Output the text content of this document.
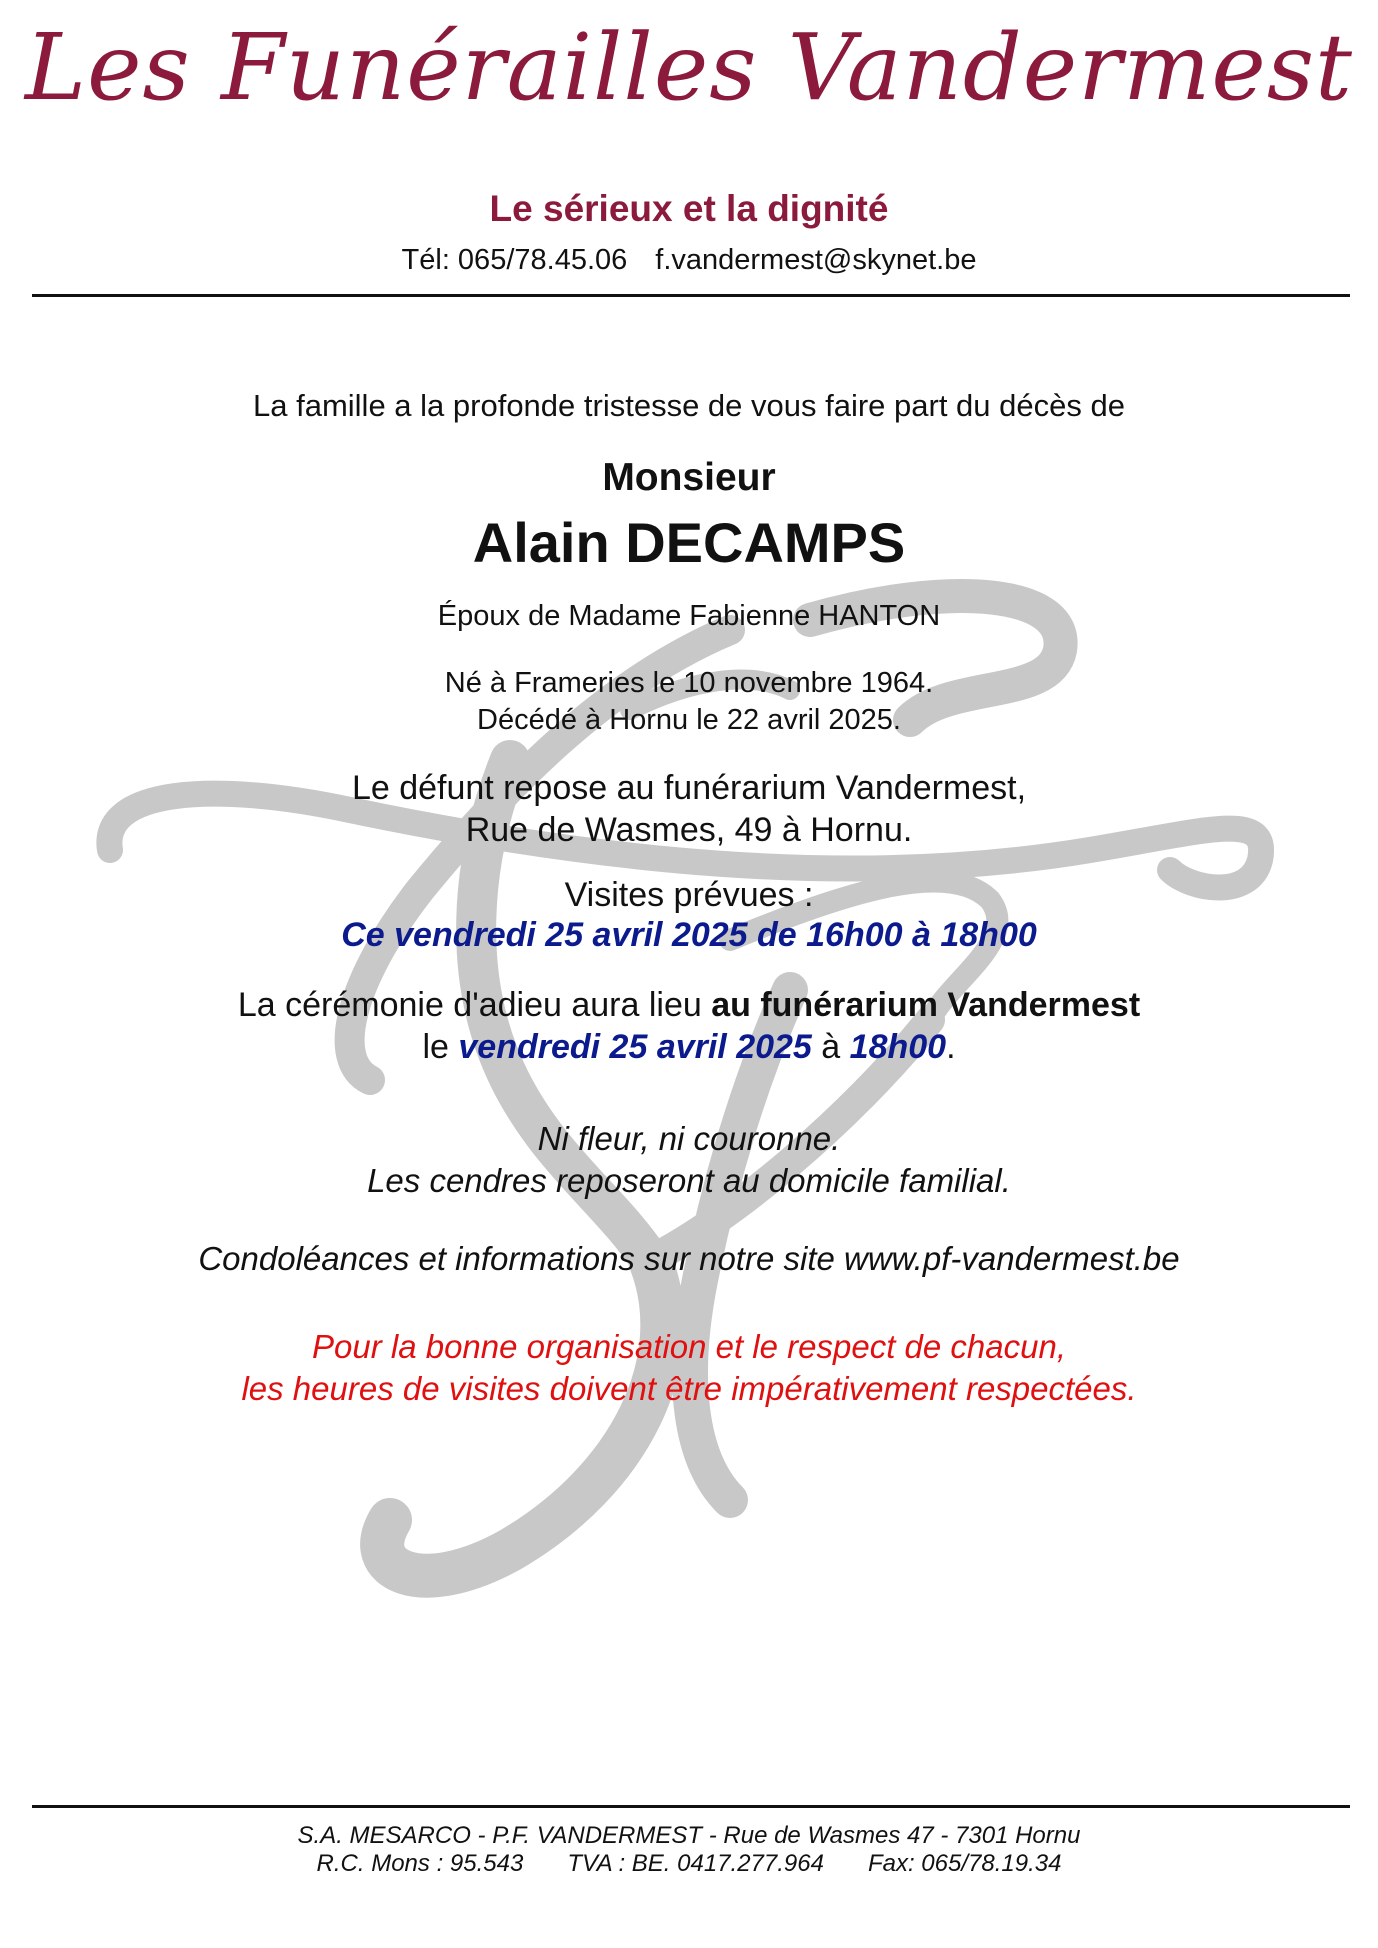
Les Funérailles Vandermest
Le sérieux et la dignité
Tél: 065/78.45.06 f.vandermest@skynet.be
La famille a la profonde tristesse de vous faire part du décès de
Monsieur
Alain DECAMPS
Époux de Madame Fabienne HANTON
Né à Frameries le 10 novembre 1964.
Décédé à Hornu le 22 avril 2025.
Le défunt repose au funérarium Vandermest,
Rue de Wasmes, 49 à Hornu.
Visites prévues :
Ce vendredi 25 avril 2025 de 16h00 à 18h00
La cérémonie d'adieu aura lieu au funérarium Vandermest
le vendredi 25 avril 2025 à 18h00.
Ni fleur, ni couronne.
Les cendres reposeront au domicile familial.
Condoléances et informations sur notre site www.pf-vandermest.be
Pour la bonne organisation et le respect de chacun,
les heures de visites doivent être impérativement respectées.
S.A. MESARCO - P.F. VANDERMEST - Rue de Wasmes 47 - 7301 Hornu
R.C. Mons : 95.543 TVA : BE. 0417.277.964 Fax: 065/78.19.34
